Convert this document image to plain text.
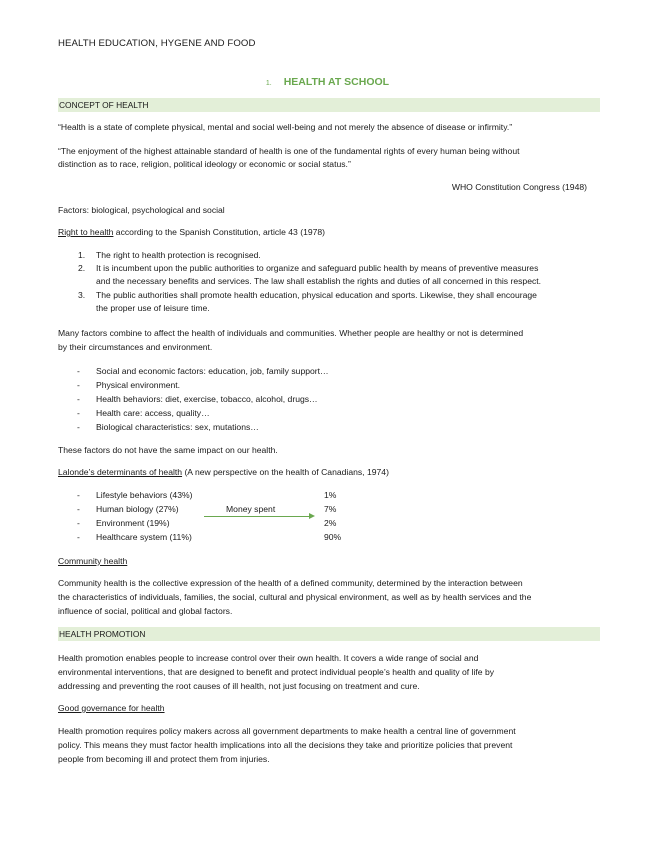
HEALTH EDUCATION, HYGENE AND FOOD
1. HEALTH AT SCHOOL
CONCEPT OF HEALTH
“Health is a state of complete physical, mental and social well-being and not merely the absence of disease or infirmity.”
“The enjoyment of the highest attainable standard of health is one of the fundamental rights of every human being without
distinction as to race, religion, political ideology or economic or social status.”
WHO Constitution Congress (1948)
Factors: biological, psychological and social
Right to health according to the Spanish Constitution, article 43 (1978)
1. The right to health protection is recognised.
2. It is incumbent upon the public authorities to organize and safeguard public health by means of preventive measures
and the necessary benefits and services. The law shall establish the rights and duties of all concerned in this respect.
3. The public authorities shall promote health education, physical education and sports. Likewise, they shall encourage
the proper use of leisure time.
Many factors combine to affect the health of individuals and communities. Whether people are healthy or not is determined
by their circumstances and environment.
- Social and economic factors: education, job, family support…
- Physical environment.
- Health behaviors: diet, exercise, tobacco, alcohol, drugs…
- Health care: access, quality…
- Biological characteristics: sex, mutations…
These factors do not have the same impact on our health.
Lalonde’s determinants of health (A new perspective on the health of Canadians, 1974)
- Lifestyle behaviors (43%)	1%
- Human biology (27%)	7%
- Environment (19%)	2%
- Healthcare system (11%)	90%
Money spent
Community health
Community health is the collective expression of the health of a defined community, determined by the interaction between
the characteristics of individuals, families, the social, cultural and physical environment, as well as by health services and the
influence of social, political and global factors.
HEALTH PROMOTION
Health promotion enables people to increase control over their own health. It covers a wide range of social and
environmental interventions, that are designed to benefit and protect individual people’s health and quality of life by
addressing and preventing the root causes of ill health, not just focusing on treatment and cure.
Good governance for health
Health promotion requires policy makers across all government departments to make health a central line of government
policy. This means they must factor health implications into all the decisions they take and prioritize policies that prevent
people from becoming ill and protect them from injuries.
